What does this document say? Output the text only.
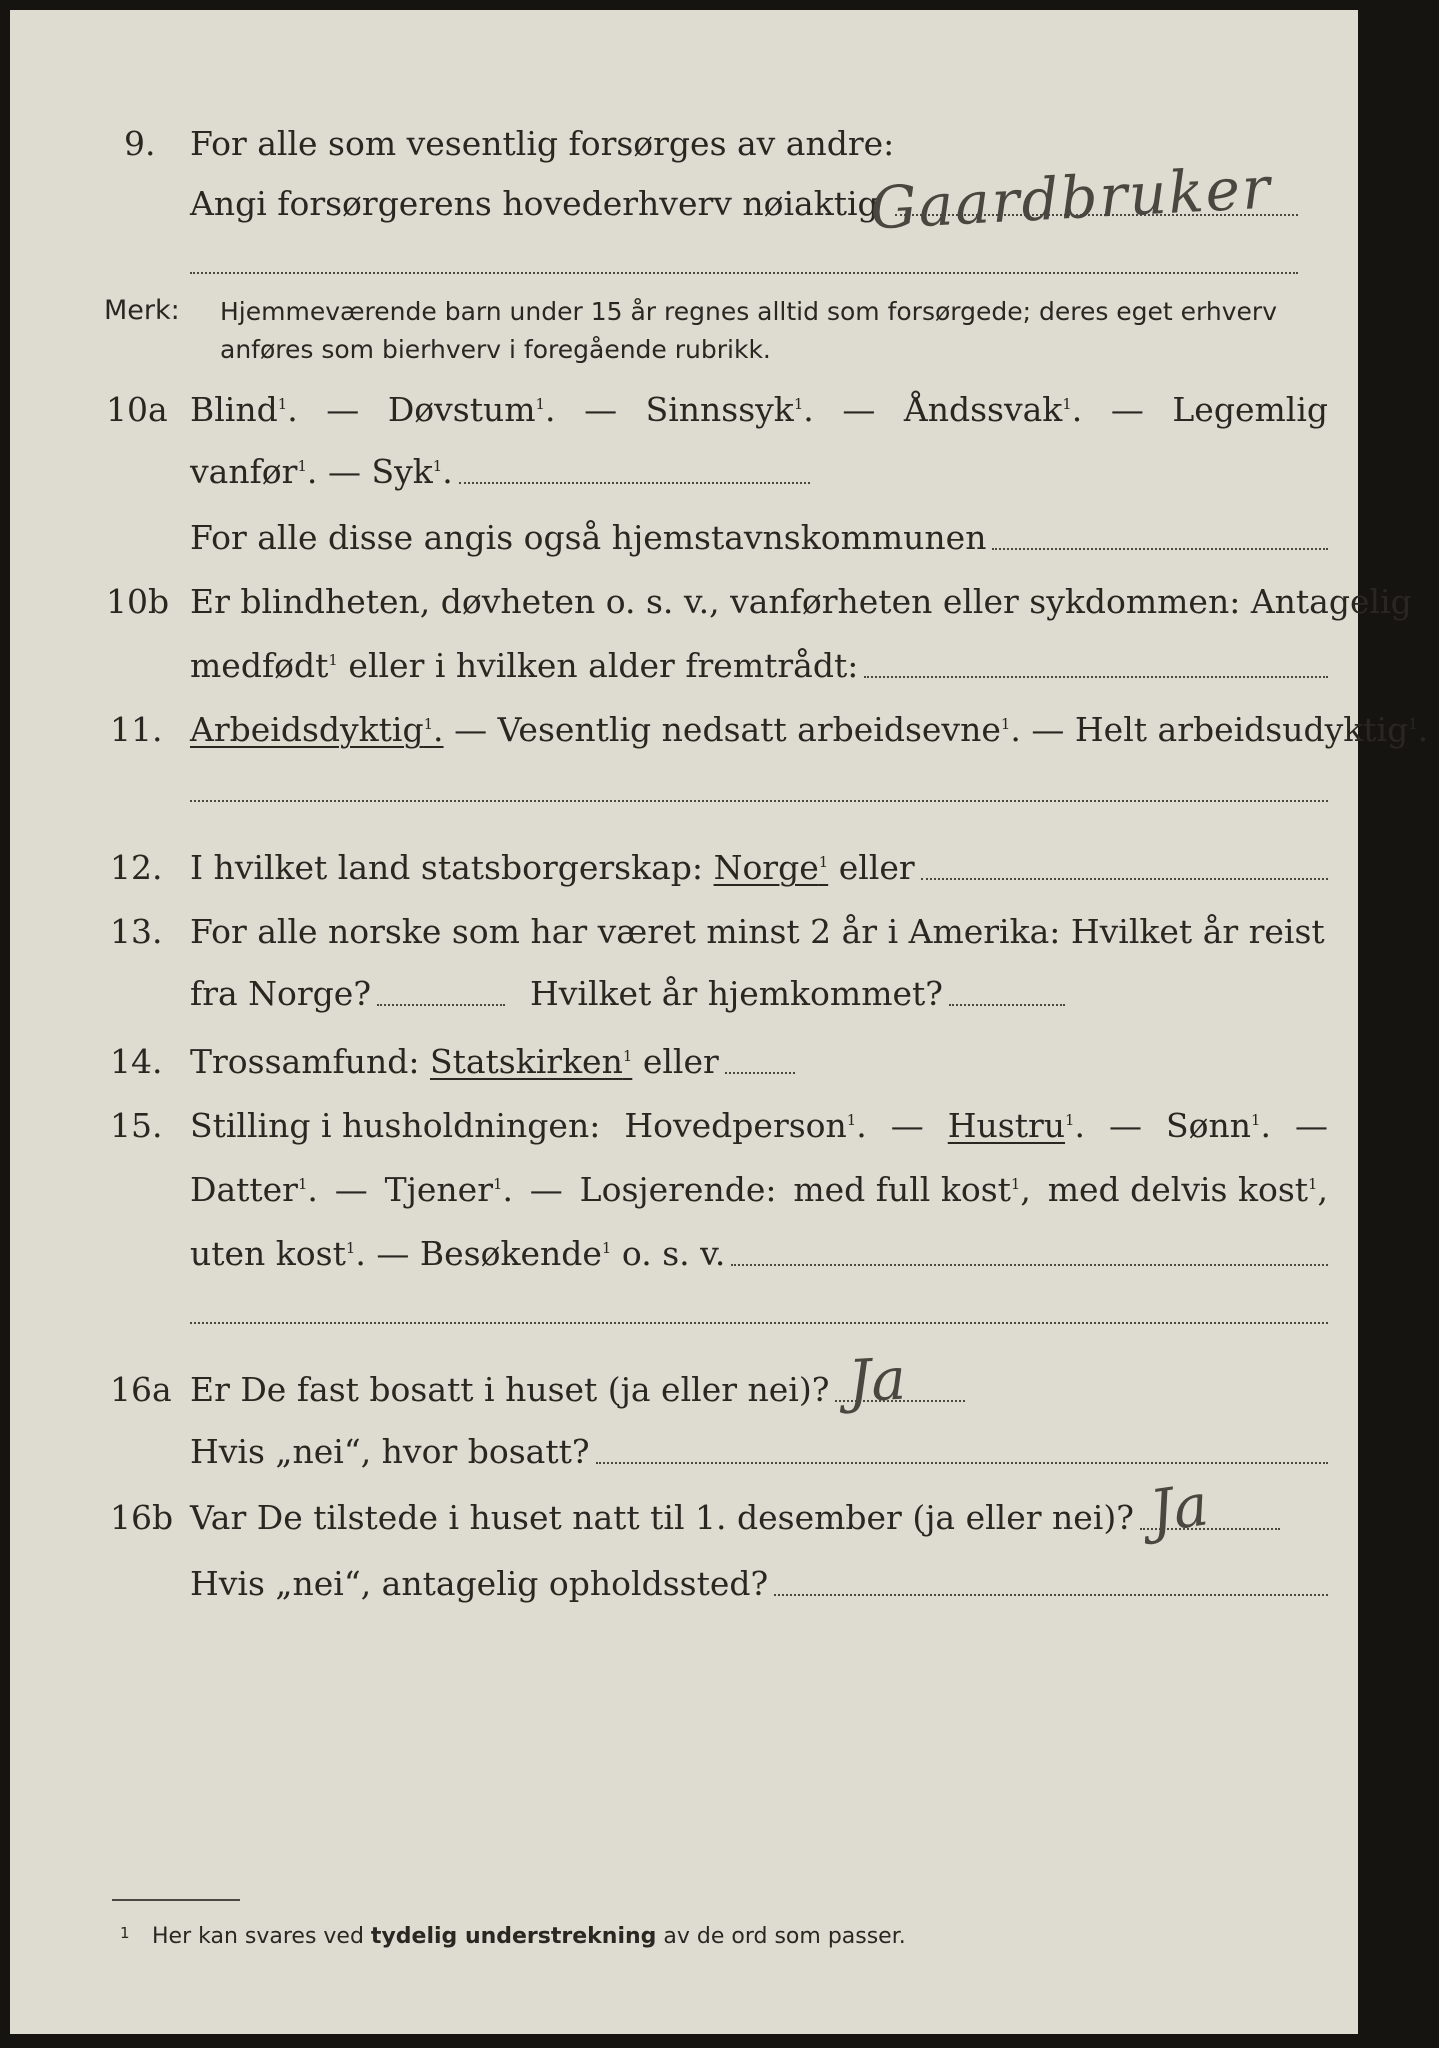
9. For alle som vesentlig forsørges av andre:
Angi forsørgerens hovederhverv nøiaktig
Gaardbruker
Merk: Hjemmeværende barn under 15 år regnes alltid som forsørgede; deres eget erhverv
anføres som bierhverv i foregående rubrikk.
10a Blind$^1$. — Døvstum$^1$. — Sinnssyk$^1$. — Åndssvak$^1$. — Legemlig
vanfør$^1$. — Syk$^1$.
For alle disse angis også hjemstavnskommunen
10b Er blindheten, døvheten o. s. v., vanførheten eller sykdommen: Antagelig
medfødt$^1$ eller i hvilken alder fremtrådt:
11. Arbeidsdyktig$^1$. — Vesentlig nedsatt arbeidsevne$^1$. — Helt arbeidsudyktig$^1$.
12. I hvilket land statsborgerskap: Norge$^1$ eller
13. For alle norske som har været minst 2 år i Amerika: Hvilket år reist
fra Norge?	Hvilket år hjemkommet?
14. Trossamfund: Statskirken$^1$ eller
15. Stilling i husholdningen: Hovedperson$^1$. — Hustru$^1$. — Sønn$^1$. —
Datter$^1$. — Tjener$^1$. — Losjerende: med full kost$^1$, med delvis kost$^1$,
uten kost$^1$. — Besøkende$^1$ o. s. v.
16a Er De fast bosatt i huset (ja eller nei)? Ja
Hvis „nei“, hvor bosatt?
16b Var De tilstede i huset natt til 1. desember (ja eller nei)? Ja
Hvis „nei“, antagelig opholdssted?
1 Her kan svares ved tydelig understrekning av de ord som passer.
